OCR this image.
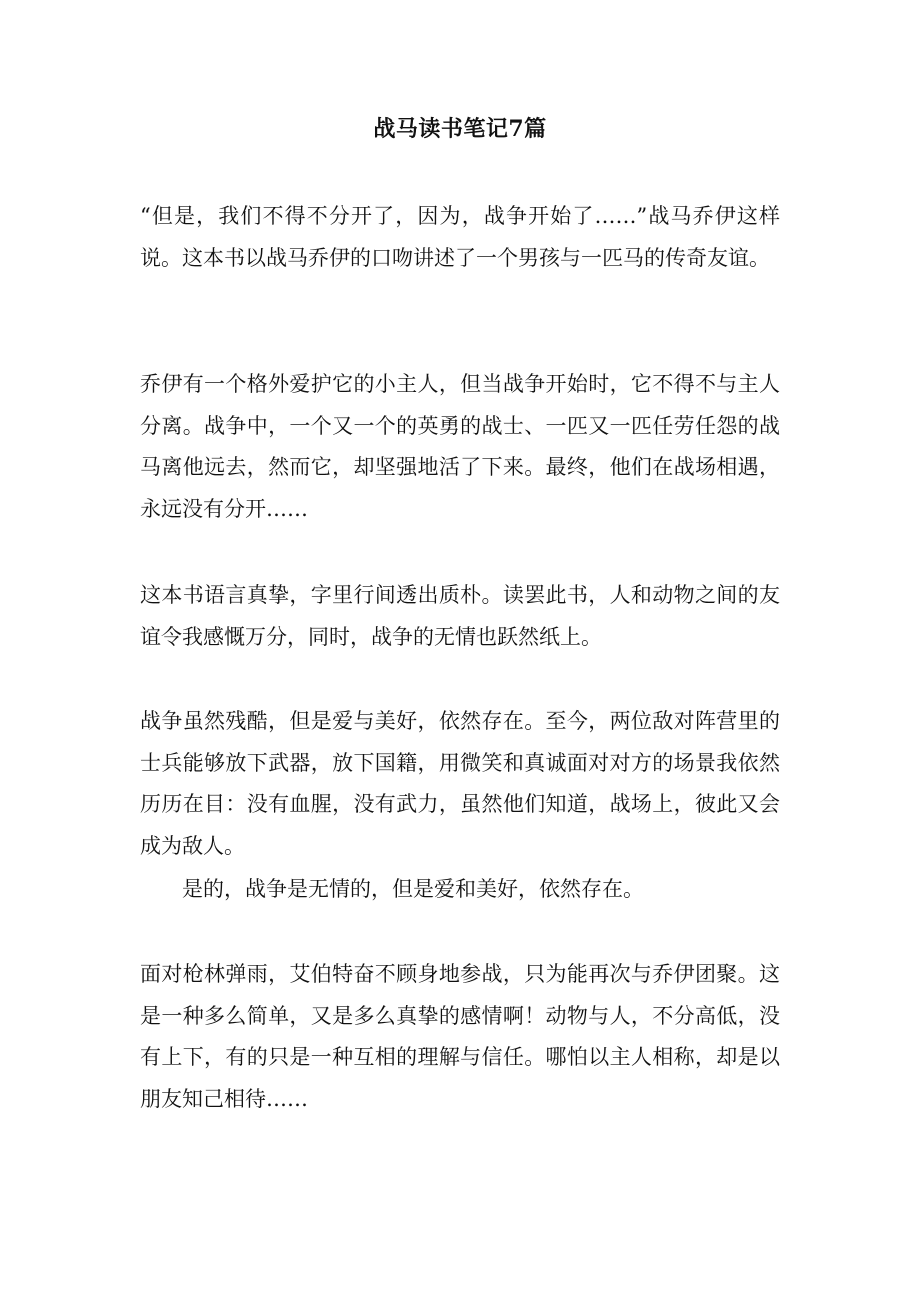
战马读书笔记7篇

“但是，我们不得不分开了，因为，战争开始了……”战马乔伊这样说。这本书以战马乔伊的口吻讲述了一个男孩与一匹马的传奇友谊。

乔伊有一个格外爱护它的小主人，但当战争开始时，它不得不与主人分离。战争中，一个又一个的英勇的战士、一匹又一匹任劳任怨的战马离他远去，然而它，却坚强地活了下来。最终，他们在战场相遇，永远没有分开……

这本书语言真挚，字里行间透出质朴。读罢此书，人和动物之间的友谊令我感慨万分，同时，战争的无情也跃然纸上。

战争虽然残酷，但是爱与美好，依然存在。至今，两位敌对阵营里的士兵能够放下武器，放下国籍，用微笑和真诚面对对方的场景我依然历历在目：没有血腥，没有武力，虽然他们知道，战场上，彼此又会成为敌人。

是的，战争是无情的，但是爱和美好，依然存在。

面对枪林弹雨，艾伯特奋不顾身地参战，只为能再次与乔伊团聚。这是一种多么简单，又是多么真挚的感情啊！动物与人，不分高低，没有上下，有的只是一种互相的理解与信任。哪怕以主人相称，却是以朋友知己相待……
